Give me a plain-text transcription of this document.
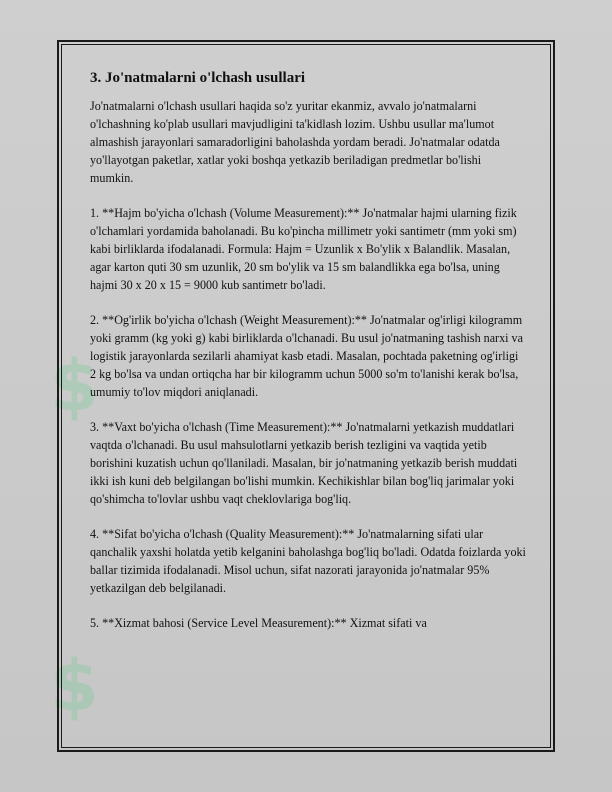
$
$
3. Jo'natmalarni o'lchash usullari

Jo'natmalarni o'lchash usullari haqida so'z yuritar ekanmiz, avvalo jo'natmalarni o'lchashning ko'plab usullari mavjudligini ta'kidlash lozim. Ushbu usullar ma'lumot almashish jarayonlari samaradorligini baholashda yordam beradi. Jo'natmalar odatda yo'llayotgan paketlar, xatlar yoki boshqa yetkazib beriladigan predmetlar bo'lishi mumkin.

1. **Hajm bo'yicha o'lchash (Volume Measurement):** Jo'natmalar hajmi ularning fizik o'lchamlari yordamida baholanadi. Bu ko'pincha millimetr yoki santimetr (mm yoki sm) kabi birliklarda ifodalanadi. Formula: Hajm = Uzunlik x Bo'ylik x Balandlik. Masalan, agar karton quti 30 sm uzunlik, 20 sm bo'ylik va 15 sm balandlikka ega bo'lsa, uning hajmi 30 x 20 x 15 = 9000 kub santimetr bo'ladi.

2. **Og'irlik bo'yicha o'lchash (Weight Measurement):** Jo'natmalar og'irligi kilogramm yoki gramm (kg yoki g) kabi birliklarda o'lchanadi. Bu usul jo'natmaning tashish narxi va logistik jarayonlarda sezilarli ahamiyat kasb etadi. Masalan, pochtada paketning og'irligi 2 kg bo'lsa va undan ortiqcha har bir kilogramm uchun 5000 so'm to'lanishi kerak bo'lsa, umumiy to'lov miqdori aniqlanadi.

3. **Vaxt bo'yicha o'lchash (Time Measurement):** Jo'natmalarni yetkazish muddatlari vaqtda o'lchanadi. Bu usul mahsulotlarni yetkazib berish tezligini va vaqtida yetib borishini kuzatish uchun qo'llaniladi. Masalan, bir jo'natmaning yetkazib berish muddati ikki ish kuni deb belgilangan bo'lishi mumkin. Kechikishlar bilan bog'liq jarimalar yoki qo'shimcha to'lovlar ushbu vaqt cheklovlariga bog'liq.

4. **Sifat bo'yicha o'lchash (Quality Measurement):** Jo'natmalarning sifati ular qanchalik yaxshi holatda yetib kelganini baholashga bog'liq bo'ladi. Odatda foizlarda yoki ballar tizimida ifodalanadi. Misol uchun, sifat nazorati jarayonida jo'natmalar 95% yetkazilgan deb belgilanadi.

5. **Xizmat bahosi (Service Level Measurement):** Xizmat sifati va
